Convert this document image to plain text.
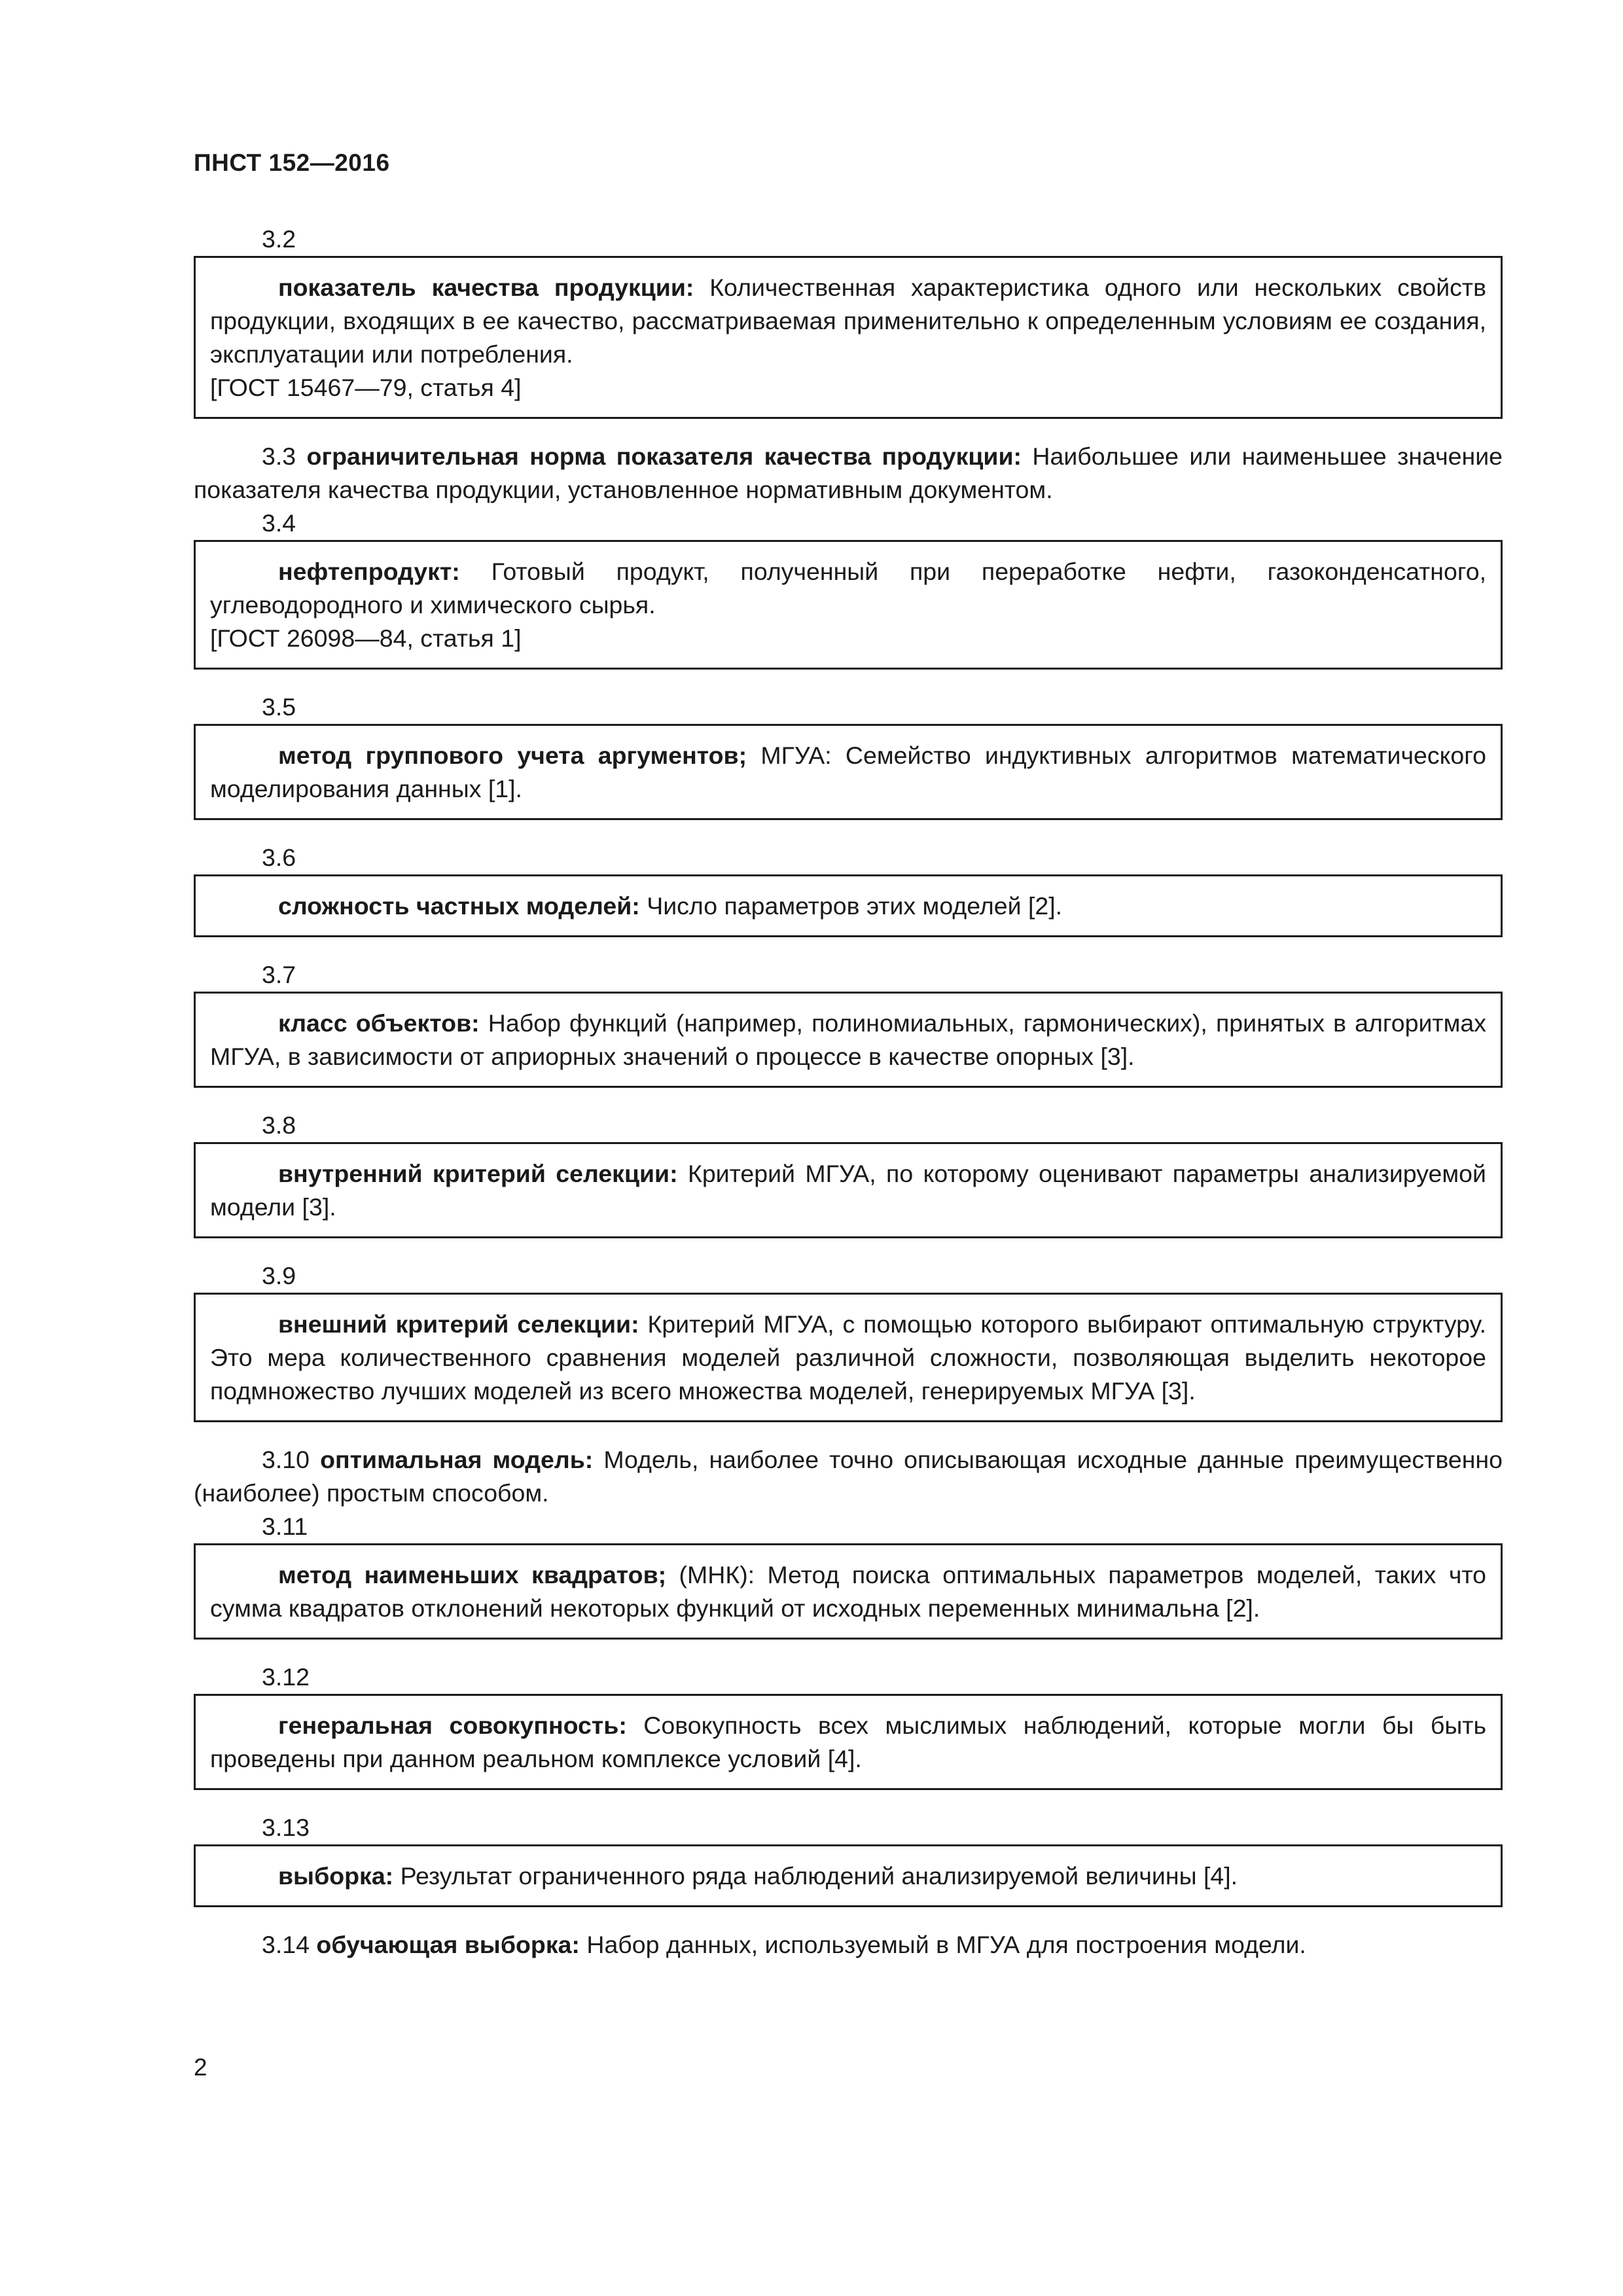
ПНСТ 152—2016
3.2

показатель качества продукции: Количественная характеристика одного или нескольких свойств продукции, входящих в ее качество, рассматриваемая применительно к определенным условиям ее создания, эксплуатации или потребления.

[ГОСТ 15467—79, статья 4]

3.3 ограничительная норма показателя качества продукции: Наибольшее или наименьшее значение показателя качества продукции, установленное нормативным документом.

3.4

нефтепродукт: Готовый продукт, полученный при переработке нефти, газоконденсатного, углеводородного и химического сырья.

[ГОСТ 26098—84, статья 1]

3.5

метод группового учета аргументов; МГУА: Семейство индуктивных алгоритмов математического моделирования данных [1].

3.6

сложность частных моделей: Число параметров этих моделей [2].

3.7

класс объектов: Набор функций (например, полиномиальных, гармонических), принятых в алгоритмах МГУА, в зависимости от априорных значений о процессе в качестве опорных [3].

3.8

внутренний критерий селекции: Критерий МГУА, по которому оценивают параметры анализируемой модели [3].

3.9

внешний критерий селекции: Критерий МГУА, с помощью которого выбирают оптимальную структуру. Это мера количественного сравнения моделей различной сложности, позволяющая выделить некоторое подмножество лучших моделей из всего множества моделей, генерируемых МГУА [3].

3.10 оптимальная модель: Модель, наиболее точно описывающая исходные данные преимущественно (наиболее) простым способом.

3.11

метод наименьших квадратов; (МНК): Метод поиска оптимальных параметров моделей, таких что сумма квадратов отклонений некоторых функций от исходных переменных минимальна [2].

3.12

генеральная совокупность: Совокупность всех мыслимых наблюдений, которые могли бы быть проведены при данном реальном комплексе условий [4].

3.13

выборка: Результат ограниченного ряда наблюдений анализируемой величины [4].

3.14 обучающая выборка: Набор данных, используемый в МГУА для построения модели.

2
